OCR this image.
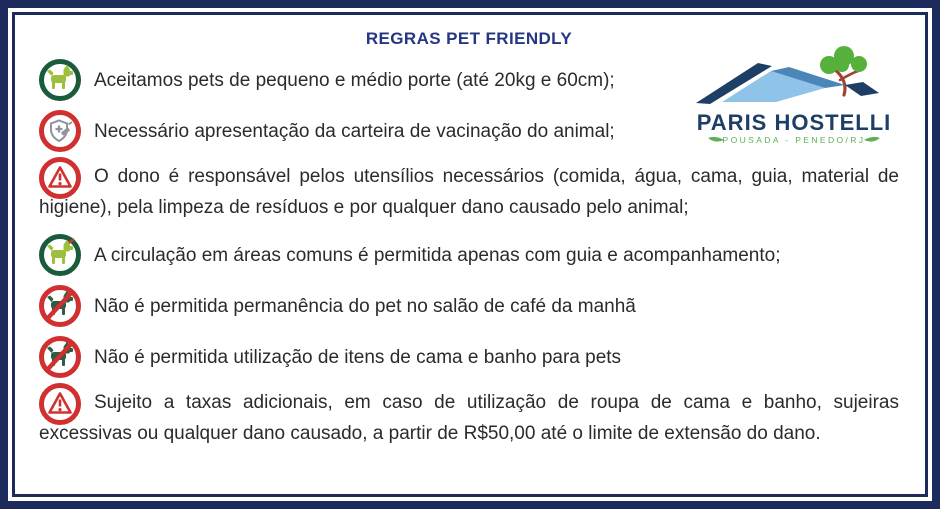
REGRAS PET FRIENDLY
PARIS HOSTELLI
POUSADA - PENEDO/RJ

Aceitamos pets de pequeno e médio porte (até 20kg e 60cm);

Necessário apresentação da carteira de vacinação do animal;

O dono é responsável pelos utensílios necessários (comida, água, cama, guia, material de higiene), pela limpeza de resíduos e por qualquer dano causado pelo animal;

A circulação em áreas comuns é permitida apenas com guia e acompanhamento;

Não é permitida permanência do pet no salão de café da manhã

Não é permitida utilização de itens de cama e banho para pets

Sujeito a taxas adicionais, em caso de utilização de roupa de cama e banho, sujeiras excessivas ou qualquer dano causado, a partir de R$50,00 até o limite de extensão do dano.
